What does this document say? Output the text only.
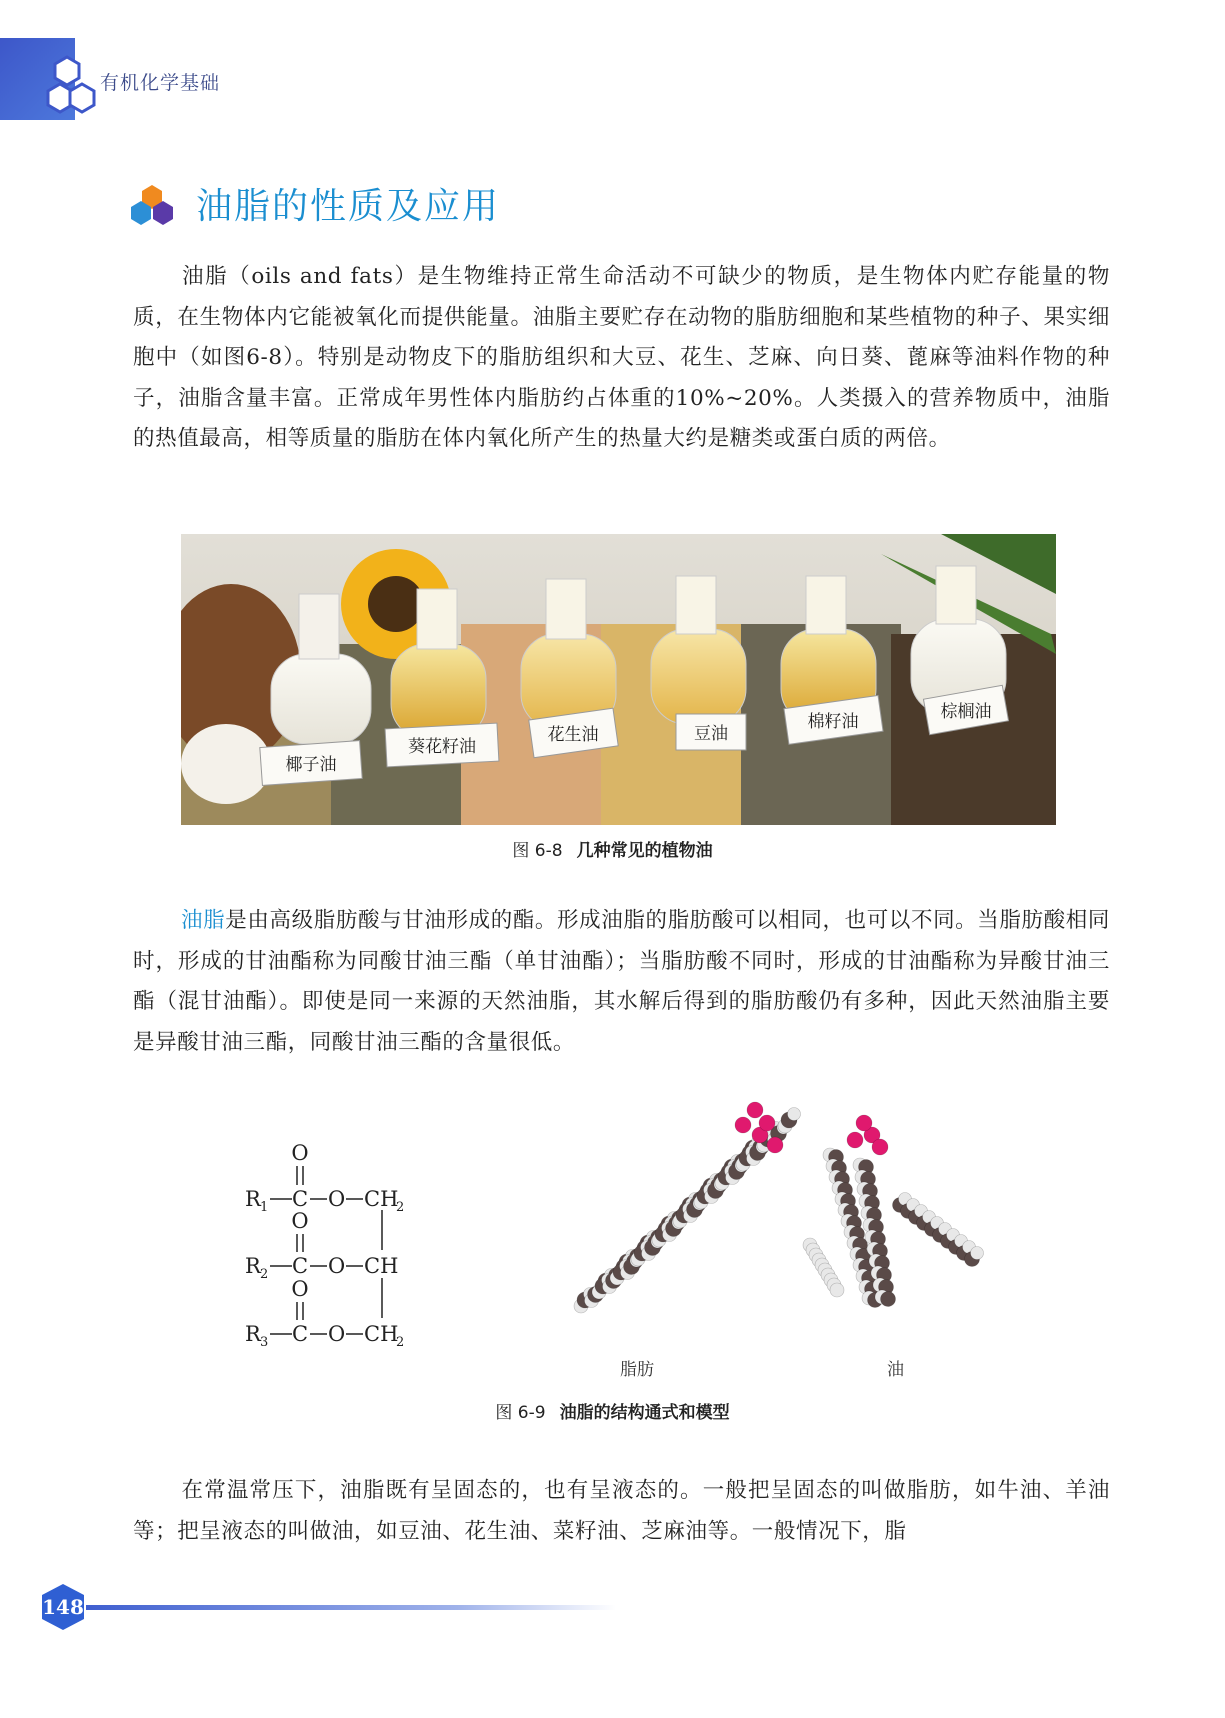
有机化学基础
油脂的性质及应用
油脂（oils and fats）是生物维持正常生命活动不可缺少的物质，是生物体内贮存能量的物质，在生物体内它能被氧化而提供能量。油脂主要贮存在动物的脂肪细胞和某些植物的种子、果实细胞中（如图6-8）。特别是动物皮下的脂肪组织和大豆、花生、芝麻、向日葵、蓖麻等油料作物的种子，油脂含量丰富。正常成年男性体内脂肪约占体重的10%~20%。人类摄入的营养物质中，油脂的热值最高，相等质量的脂肪在体内氧化所产生的热量大约是糖类或蛋白质的两倍。
椰子油
葵花籽油
花生油	豆油
棉籽油	棕榈油
图 6-8 几种常见的植物油
油脂是由高级脂肪酸与甘油形成的酯。形成油脂的脂肪酸可以相同，也可以不同。当脂肪酸相同时，形成的甘油酯称为同酸甘油三酯（单甘油酯）；当脂肪酸不同时，形成的甘油酯称为异酸甘油三酯（混甘油酯）。即使是同一来源的天然油脂，其水解后得到的脂肪酸仍有多种，因此天然油脂主要是异酸甘油三酯，同酸甘油三酯的含量很低。
O
R 1 C O CH
2
O
R 2 C O CH
O
R 3 C O CH
2
脂肪	油
图 6-9 油脂的结构通式和模型
在常温常压下，油脂既有呈固态的，也有呈液态的。一般把呈固态的叫做脂肪，如牛油、羊油等；把呈液态的叫做油，如豆油、花生油、菜籽油、芝麻油等。一般情况下，脂
148
